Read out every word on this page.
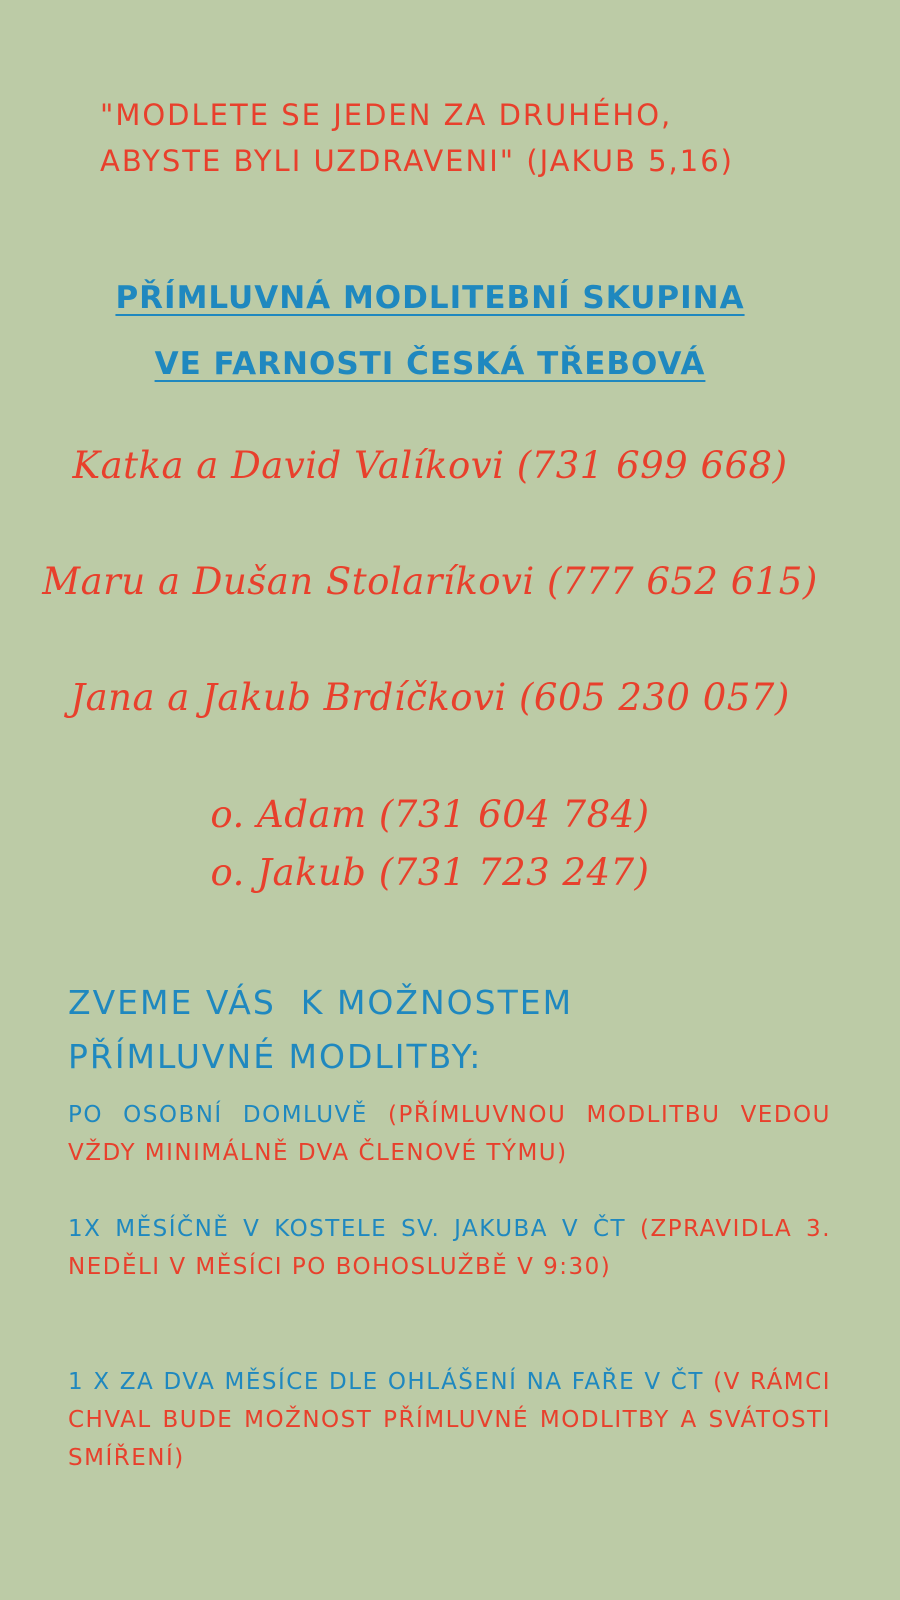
"MODLETE SE JEDEN ZA DRUHÉHO,
ABYSTE BYLI UZDRAVENI" (JAKUB 5,16)
PŘÍMLUVNÁ MODLITEBNÍ SKUPINA
VE FARNOSTI ČESKÁ TŘEBOVÁ
Katka a David Valíkovi (731 699 668)
Maru a Dušan Stolaríkovi (777 652 615)
Jana a Jakub Brdíčkovi (605 230 057)
o. Adam (731 604 784)
o. Jakub (731 723 247)
ZVEME VÁS  K MOŽNOSTEM
PŘÍMLUVNÉ MODLITBY:
PO OSOBNÍ DOMLUVĚ (PŘÍMLUVNOU MODLITBU VEDOU VŽDY MINIMÁLNĚ DVA ČLENOVÉ TÝMU)
1X MĚSÍČNĚ V KOSTELE SV. JAKUBA V ČT (ZPRAVIDLA 3. NEDĚLI V MĚSÍCI PO BOHOSLUŽBĚ V 9:30)
1 X ZA DVA MĚSÍCE DLE OHLÁŠENÍ NA FAŘE V ČT (V RÁMCI CHVAL BUDE MOŽNOST PŘÍMLUVNÉ MODLITBY A SVÁTOSTI SMÍŘENÍ)
